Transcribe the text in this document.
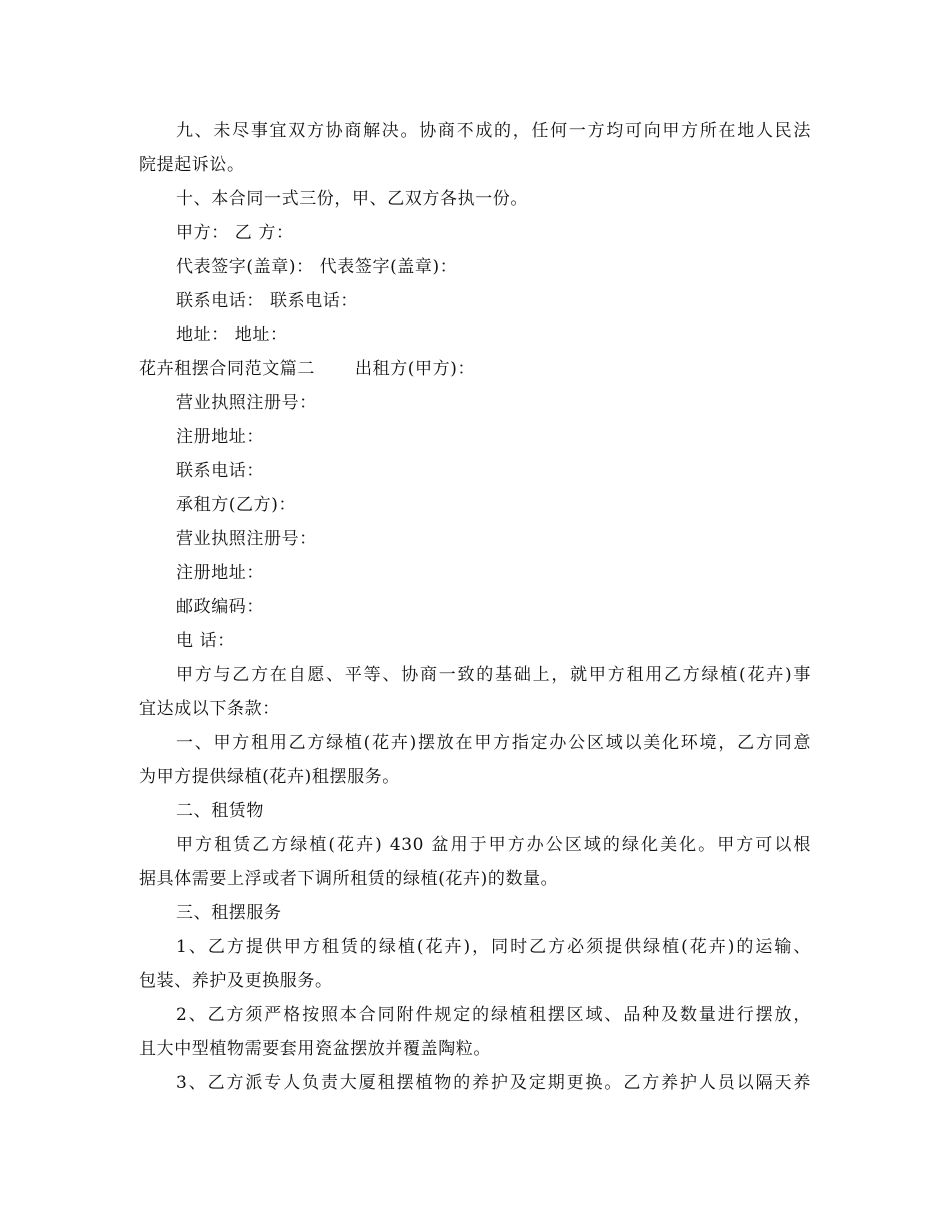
九、未尽事宜双方协商解决。协商不成的，任何一方均可向甲方所在地人民法
院提起诉讼。
十、本合同一式三份，甲、乙双方各执一份。
甲方： 乙 方：
代表签字(盖章)： 代表签字(盖章)：
联系电话： 联系电话：
地址： 地址：
花卉租摆合同范文篇二 出租方(甲方)：
营业执照注册号：
注册地址：
联系电话：
承租方(乙方)：
营业执照注册号：
注册地址：
邮政编码：
电 话：
甲方与乙方在自愿、平等、协商一致的基础上，就甲方租用乙方绿植(花卉)事
宜达成以下条款：
一、甲方租用乙方绿植(花卉)摆放在甲方指定办公区域以美化环境，乙方同意
为甲方提供绿植(花卉)租摆服务。
二、租赁物
甲方租赁乙方绿植(花卉) 430 盆用于甲方办公区域的绿化美化。甲方可以根
据具体需要上浮或者下调所租赁的绿植(花卉)的数量。
三、租摆服务
1、乙方提供甲方租赁的绿植(花卉)，同时乙方必须提供绿植(花卉)的运输、
包装、养护及更换服务。
2、乙方须严格按照本合同附件规定的绿植租摆区域、品种及数量进行摆放，
且大中型植物需要套用瓷盆摆放并覆盖陶粒。
3、乙方派专人负责大厦租摆植物的养护及定期更换。乙方养护人员以隔天养
